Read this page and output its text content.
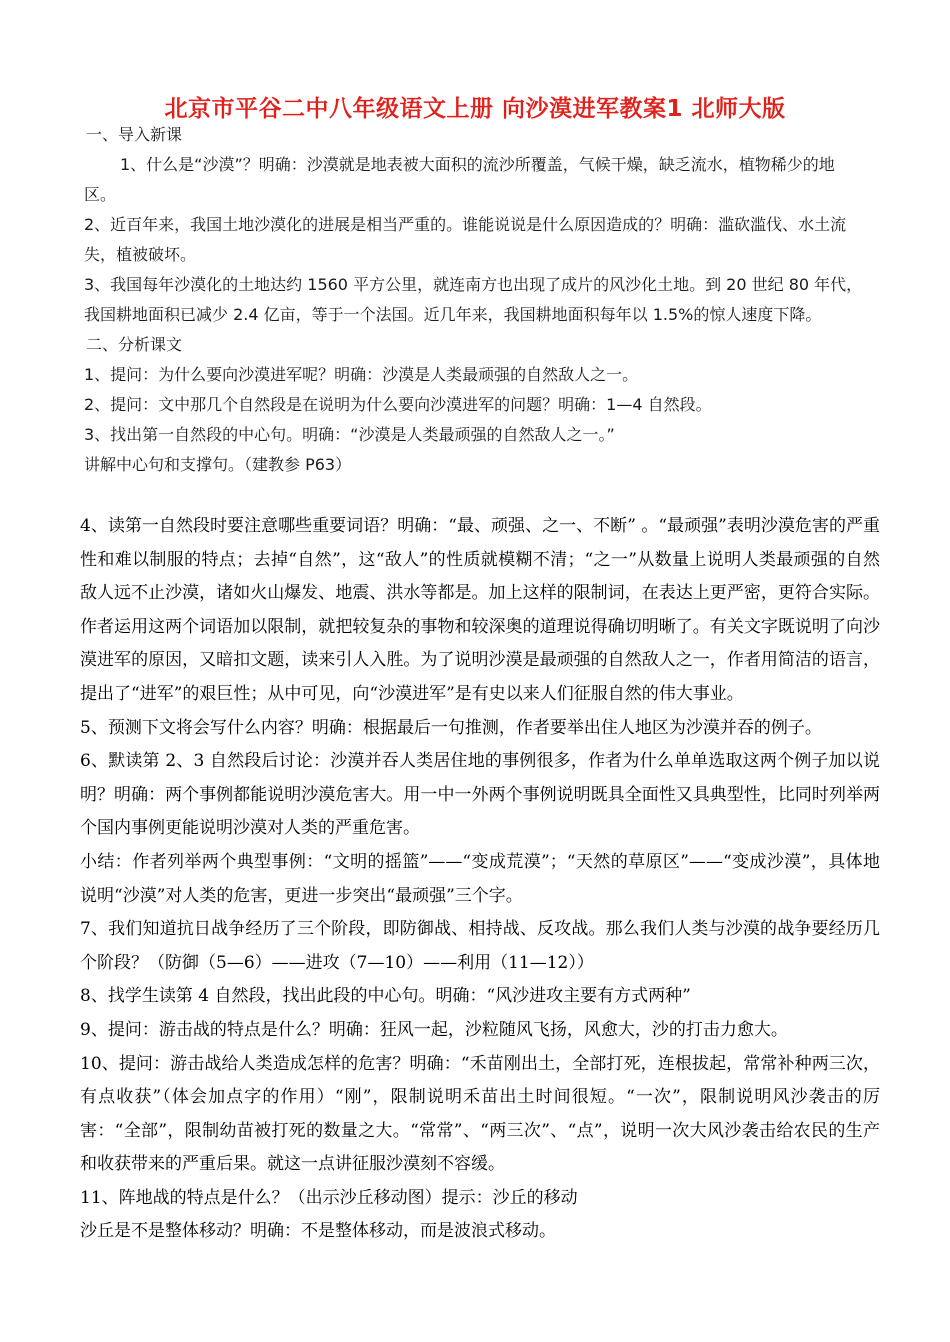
北京市平谷二中八年级语文上册 向沙漠进军教案1 北师大版

一、导入新课

1、什么是“沙漠”？明确：沙漠就是地表被大面积的流沙所覆盖，气候干燥，缺乏流水，植物稀少的地区。

2、近百年来，我国土地沙漠化的进展是相当严重的。谁能说说是什么原因造成的？明确：滥砍滥伐、水土流失，植被破坏。

3、我国每年沙漠化的土地达约 1560 平方公里，就连南方也出现了成片的风沙化土地。到 20 世纪 80 年代，我国耕地面积已减少 2.4 亿亩，等于一个法国。近几年来，我国耕地面积每年以 1.5%的惊人速度下降。

二、分析课文

1、提问：为什么要向沙漠进军呢？明确：沙漠是人类最顽强的自然敌人之一。

2、提问：文中那几个自然段是在说明为什么要向沙漠进军的问题？明确：1—4 自然段。

3、找出第一自然段的中心句。明确：“沙漠是人类最顽强的自然敌人之一。”

讲解中心句和支撑句。（建教参 P63）

4、读第一自然段时要注意哪些重要词语？明确：“最、顽强、之一、不断” 。“最顽强”表明沙漠危害的严重性和难以制服的特点；去掉“自然”，这“敌人”的性质就模糊不清；“之一”从数量上说明人类最顽强的自然敌人远不止沙漠，诸如火山爆发、地震、洪水等都是。加上这样的限制词，在表达上更严密，更符合实际。作者运用这两个词语加以限制，就把较复杂的事物和较深奥的道理说得确切明晰了。有关文字既说明了向沙漠进军的原因，又暗扣文题，读来引人入胜。为了说明沙漠是最顽强的自然敌人之一，作者用简洁的语言，提出了“进军”的艰巨性；从中可见，向“沙漠进军”是有史以来人们征服自然的伟大事业。

5、预测下文将会写什么内容？明确：根据最后一句推测，作者要举出住人地区为沙漠并吞的例子。

6、默读第 2、3 自然段后讨论：沙漠并吞人类居住地的事例很多，作者为什么单单选取这两个例子加以说明？明确：两个事例都能说明沙漠危害大。用一中一外两个事例说明既具全面性又具典型性，比同时列举两个国内事例更能说明沙漠对人类的严重危害。

小结：作者列举两个典型事例：“文明的摇篮”——“变成荒漠”；“天然的草原区”——“变成沙漠”，具体地说明“沙漠”对人类的危害，更进一步突出“最顽强”三个字。

7、我们知道抗日战争经历了三个阶段，即防御战、相持战、反攻战。那么我们人类与沙漠的战争要经历几个阶段？（防御（5—6）——进攻（7—10）——利用（11—12））

8、找学生读第 4 自然段，找出此段的中心句。明确：“风沙进攻主要有方式两种”

9、提问：游击战的特点是什么？明确：狂风一起，沙粒随风飞扬，风愈大，沙的打击力愈大。

10、提问：游击战给人类造成怎样的危害？明确：“禾苗刚出土，全部打死，连根拔起，常常补种两三次，有点收获”（体会加点字的作用）“刚”，限制说明禾苗出土时间很短。“一次”，限制说明风沙袭击的厉害：“全部”，限制幼苗被打死的数量之大。“常常”、“两三次”、“点”，说明一次大风沙袭击给农民的生产和收获带来的严重后果。就这一点讲征服沙漠刻不容缓。

11、阵地战的特点是什么？（出示沙丘移动图）提示：沙丘的移动

沙丘是不是整体移动？明确：不是整体移动，而是波浪式移动。
